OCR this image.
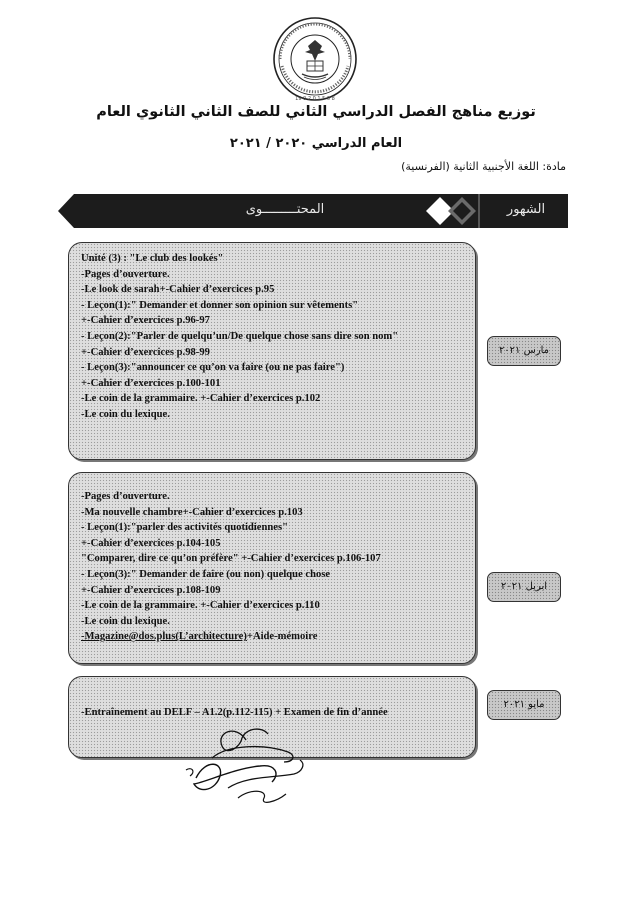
19 0 2 0 1 5 0 8
توزيع مناهج الفصل الدراسي الثاني للصف الثاني الثانوي العام
العام الدراسي ٢٠٢٠ / ٢٠٢١
مادة: اللغة الأجنبية الثانية (الفرنسية)
المحتـــــــــوى	الشهور

Unité (3) : "Le club des lookés"

-Pages d’ouverture.

-Le look de sarah+-Cahier d’exercices p.95

- Leçon(1):" Demander et donner son opinion sur vêtements"

+-Cahier d’exercices p.96-97

- Leçon(2):"Parler de quelqu’un/De quelque chose sans dire son nom"

+-Cahier d’exercices p.98-99

- Leçon(3):"announcer ce qu’on va faire (ou ne pas faire")

+-Cahier d’exercices p.100-101

-Le coin de la grammaire. +-Cahier d’exercices p.102

-Le coin du lexique.

مارس ٢٠٢١

-Pages d’ouverture.

-Ma nouvelle chambre+-Cahier d’exercices p.103

- Leçon(1):"parler des activités quotidiennes"

+-Cahier d’exercices p.104-105

"Comparer, dire ce qu’on préfère" +-Cahier d’exercices p.106-107

- Leçon(3):" Demander de faire (ou non) quelque chose

+-Cahier d’exercices p.108-109

-Le coin de la grammaire. +-Cahier d’exercices p.110

-Le coin du lexique.

-Magazine@dos.plus(L’architecture)+Aide-mémoire

ابريل ٢٠٢١

-Entraînement au DELF – A1.2(p.112-115) + Examen de fin d’année

مايو ٢٠٢١
